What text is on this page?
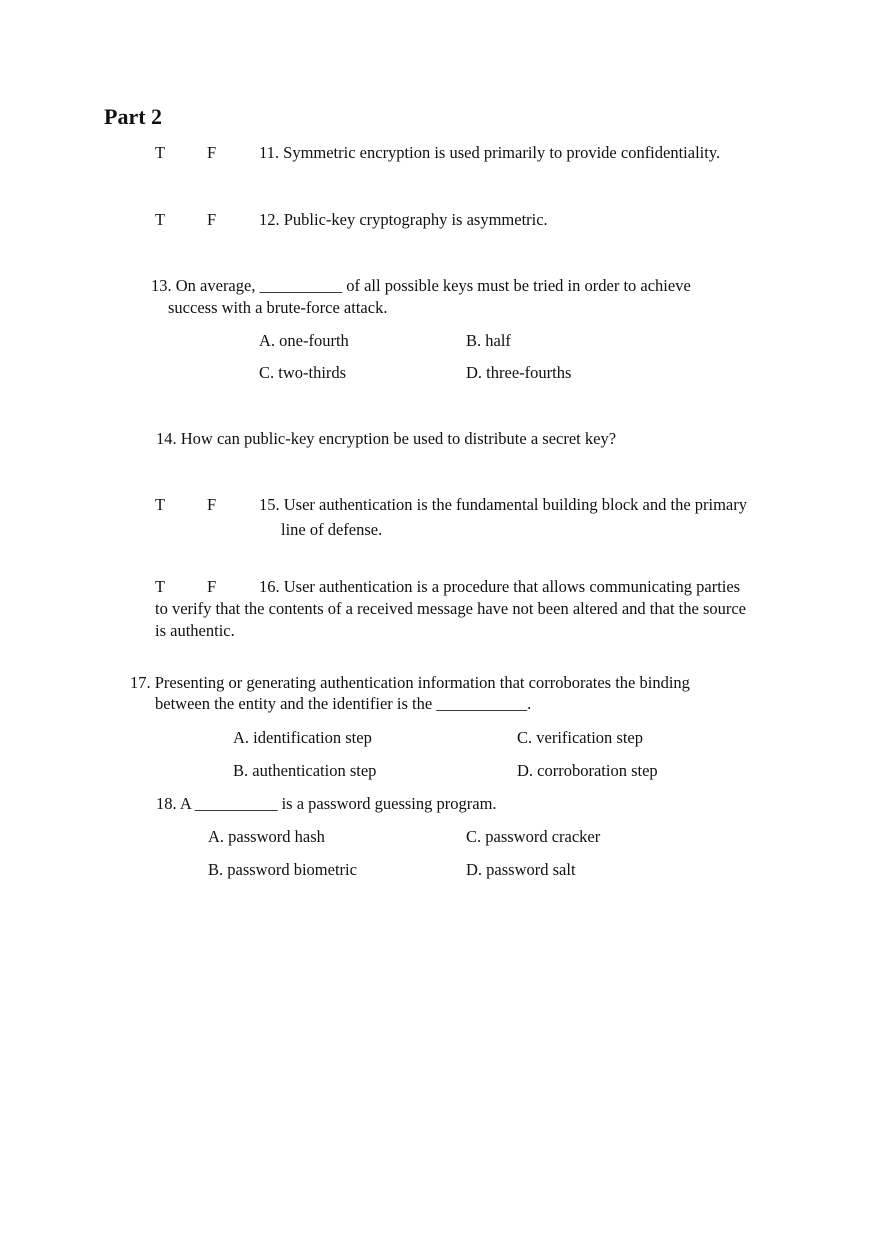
Part 2
T	F	11. Symmetric encryption is used primarily to provide confidentiality.
T	F	12. Public-key cryptography is asymmetric.
13. On average, __________ of all possible keys must be tried in order to achieve
success with a brute-force attack.
A. one-fourth	B. half
C. two-thirds	D. three-fourths
14. How can public-key encryption be used to distribute a secret key?
T	F	15. User authentication is the fundamental building block and the primary
line of defense.
T	F	16. User authentication is a procedure that allows communicating parties
to verify that the contents of a received message have not been altered and that the source
is authentic.
17. Presenting or generating authentication information that corroborates the binding
between the entity and the identifier is the ___________.
A. identification step	C. verification step
B. authentication step	D. corroboration step
18. A __________ is a password guessing program.
A. password hash	C. password cracker
B. password biometric	D. password salt
